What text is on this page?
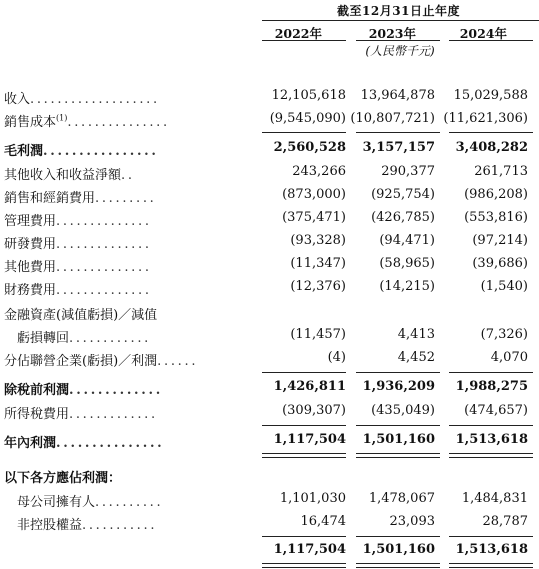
截至12月31日止年度
2022年	2023年	2024年
(人民幣千元)
收入...................	12,105,618	13,964,878	15,029,588
銷售成本$^{(1)}$...............	(9,545,090) (10,807,721) (11,621,306)
毛利潤................	2,560,528	3,157,157	3,408,282
其他收入和收益淨額..	243,266	290,377	261,713
銷售和經銷費用.........	(873,000)	(925,754)	(986,208)
管理費用..............	(375,471)	(426,785)	(553,816)
研發費用..............	(93,328)	(94,471)	(97,214)
其他費用..............	(11,347)	(58,965)	(39,686)
財務費用..............	(12,376)	(14,215)	(1,540)
金融資產(減值虧損)／減值
虧損轉回............	(11,457)	4,413	(7,326)
分佔聯營企業(虧損)／利潤......	(4)	4,452	4,070
除稅前利潤.............	1,426,811	1,936,209	1,988,275
所得稅費用.............	(309,307)	(435,049)	(474,657)
年內利潤...............	1,117,504	1,501,160	1,513,618
以下各方應佔利潤：
母公司擁有人..........	1,101,030	1,478,067	1,484,831
非控股權益...........	16,474	23,093	28,787
1,117,504	1,501,160	1,513,618
